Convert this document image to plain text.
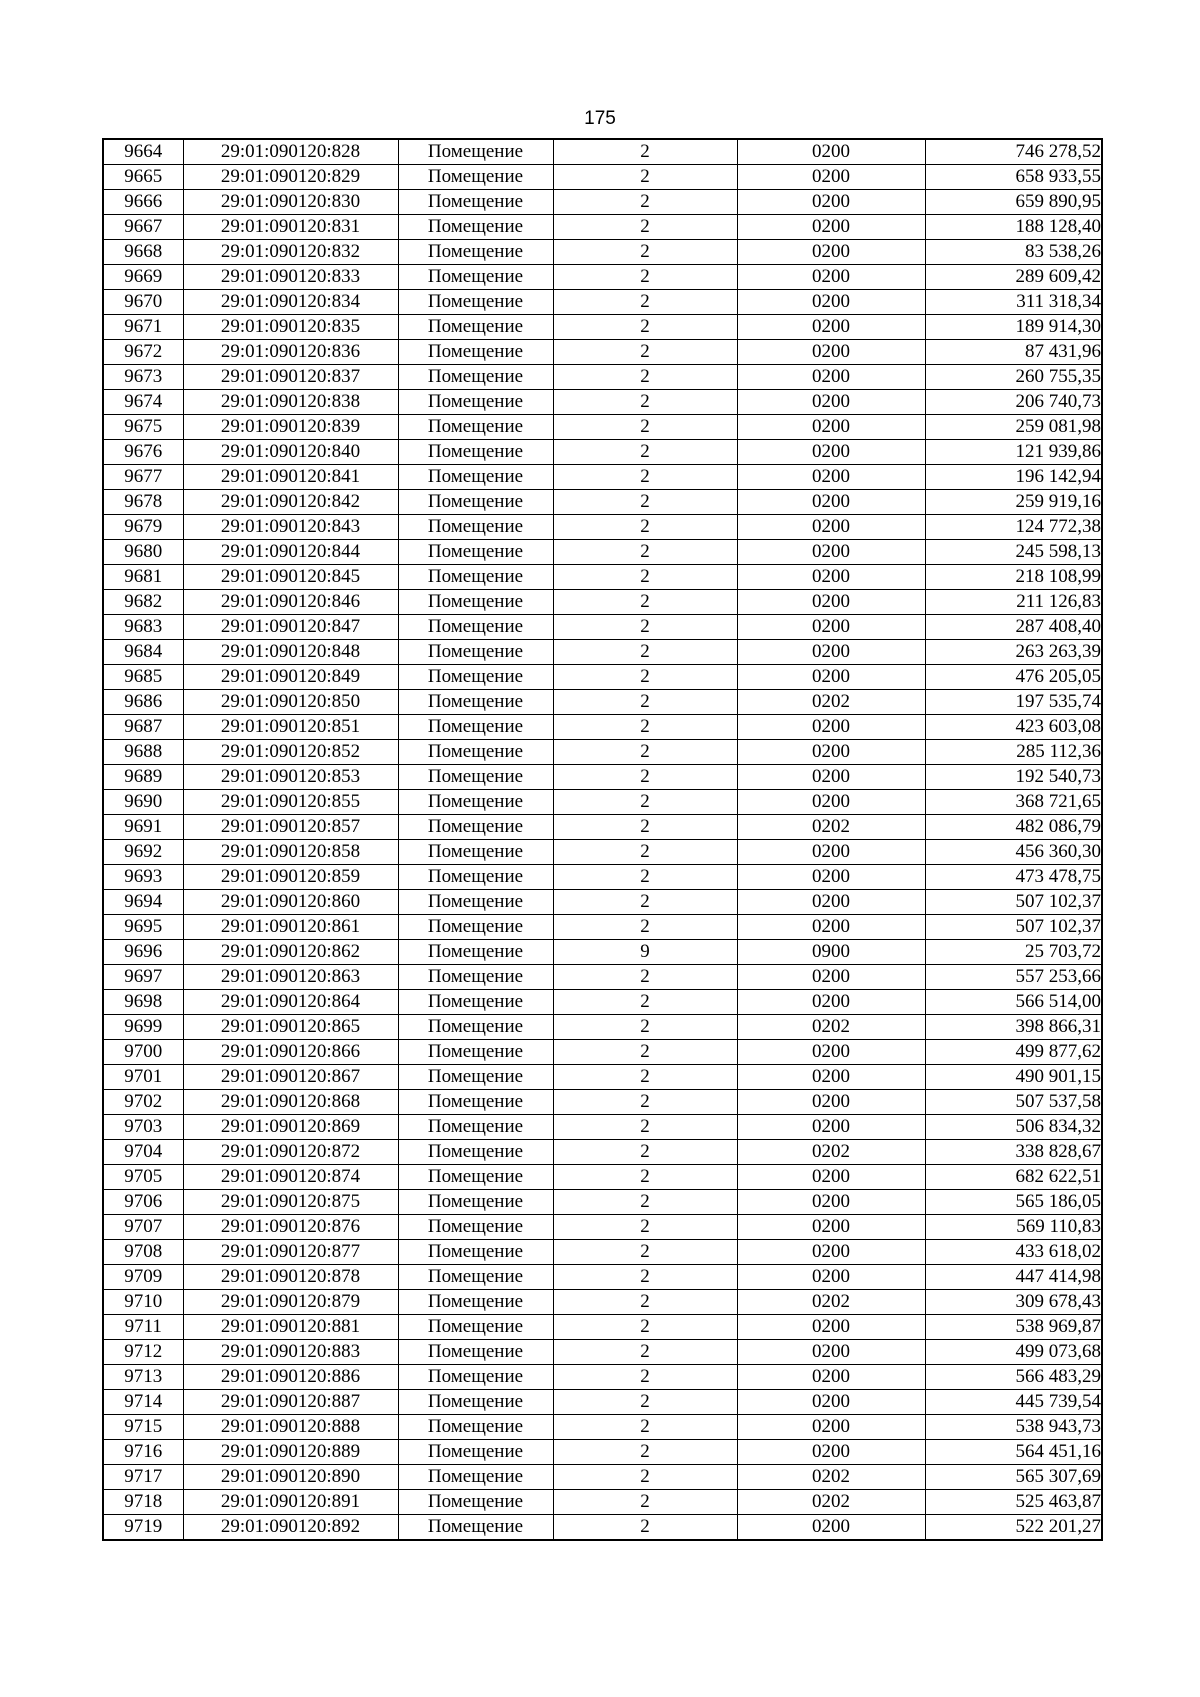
175
9664	29:01:090120:828	Помещение	2	0200	746 278,52
9665	29:01:090120:829	Помещение	2	0200	658 933,55
9666	29:01:090120:830	Помещение	2	0200	659 890,95
9667	29:01:090120:831	Помещение	2	0200	188 128,40
9668	29:01:090120:832	Помещение	2	0200	83 538,26
9669	29:01:090120:833	Помещение	2	0200	289 609,42
9670	29:01:090120:834	Помещение	2	0200	311 318,34
9671	29:01:090120:835	Помещение	2	0200	189 914,30
9672	29:01:090120:836	Помещение	2	0200	87 431,96
9673	29:01:090120:837	Помещение	2	0200	260 755,35
9674	29:01:090120:838	Помещение	2	0200	206 740,73
9675	29:01:090120:839	Помещение	2	0200	259 081,98
9676	29:01:090120:840	Помещение	2	0200	121 939,86
9677	29:01:090120:841	Помещение	2	0200	196 142,94
9678	29:01:090120:842	Помещение	2	0200	259 919,16
9679	29:01:090120:843	Помещение	2	0200	124 772,38
9680	29:01:090120:844	Помещение	2	0200	245 598,13
9681	29:01:090120:845	Помещение	2	0200	218 108,99
9682	29:01:090120:846	Помещение	2	0200	211 126,83
9683	29:01:090120:847	Помещение	2	0200	287 408,40
9684	29:01:090120:848	Помещение	2	0200	263 263,39
9685	29:01:090120:849	Помещение	2	0200	476 205,05
9686	29:01:090120:850	Помещение	2	0202	197 535,74
9687	29:01:090120:851	Помещение	2	0200	423 603,08
9688	29:01:090120:852	Помещение	2	0200	285 112,36
9689	29:01:090120:853	Помещение	2	0200	192 540,73
9690	29:01:090120:855	Помещение	2	0200	368 721,65
9691	29:01:090120:857	Помещение	2	0202	482 086,79
9692	29:01:090120:858	Помещение	2	0200	456 360,30
9693	29:01:090120:859	Помещение	2	0200	473 478,75
9694	29:01:090120:860	Помещение	2	0200	507 102,37
9695	29:01:090120:861	Помещение	2	0200	507 102,37
9696	29:01:090120:862	Помещение	9	0900	25 703,72
9697	29:01:090120:863	Помещение	2	0200	557 253,66
9698	29:01:090120:864	Помещение	2	0200	566 514,00
9699	29:01:090120:865	Помещение	2	0202	398 866,31
9700	29:01:090120:866	Помещение	2	0200	499 877,62
9701	29:01:090120:867	Помещение	2	0200	490 901,15
9702	29:01:090120:868	Помещение	2	0200	507 537,58
9703	29:01:090120:869	Помещение	2	0200	506 834,32
9704	29:01:090120:872	Помещение	2	0202	338 828,67
9705	29:01:090120:874	Помещение	2	0200	682 622,51
9706	29:01:090120:875	Помещение	2	0200	565 186,05
9707	29:01:090120:876	Помещение	2	0200	569 110,83
9708	29:01:090120:877	Помещение	2	0200	433 618,02
9709	29:01:090120:878	Помещение	2	0200	447 414,98
9710	29:01:090120:879	Помещение	2	0202	309 678,43
9711	29:01:090120:881	Помещение	2	0200	538 969,87
9712	29:01:090120:883	Помещение	2	0200	499 073,68
9713	29:01:090120:886	Помещение	2	0200	566 483,29
9714	29:01:090120:887	Помещение	2	0200	445 739,54
9715	29:01:090120:888	Помещение	2	0200	538 943,73
9716	29:01:090120:889	Помещение	2	0200	564 451,16
9717	29:01:090120:890	Помещение	2	0202	565 307,69
9718	29:01:090120:891	Помещение	2	0202	525 463,87
9719	29:01:090120:892	Помещение	2	0200	522 201,27
